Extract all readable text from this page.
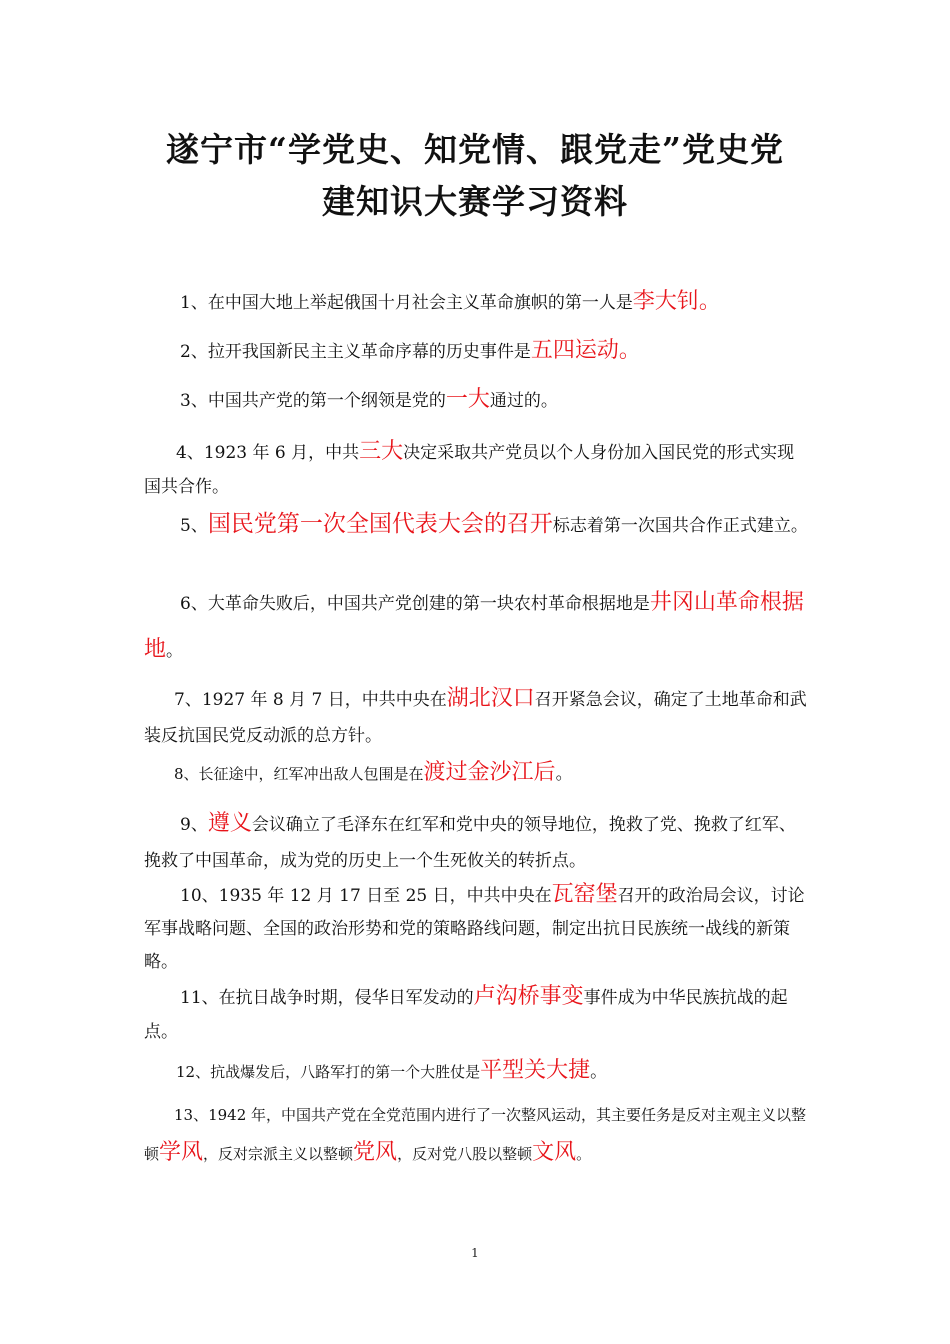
遂宁市“学党史、知党情、跟党走”党史党
建知识大赛学习资料
1、在中国大地上举起俄国十月社会主义革命旗帜的第一人是李大钊。
2、拉开我国新民主主义革命序幕的历史事件是五四运动。
3、中国共产党的第一个纲领是党的一大通过的。
4、1923 年 6 月，中共三大决定采取共产党员以个人身份加入国民党的形式实现国共合作。
5、国民党第一次全国代表大会的召开标志着第一次国共合作正式建立。
6、大革命失败后，中国共产党创建的第一块农村革命根据地是井冈山革命根据地。
7、1927 年 8 月 7 日，中共中央在湖北汉口召开紧急会议，确定了土地革命和武装反抗国民党反动派的总方针。
8、长征途中，红军冲出敌人包围是在渡过金沙江后。
9、遵义会议确立了毛泽东在红军和党中央的领导地位，挽救了党、挽救了红军、挽救了中国革命，成为党的历史上一个生死攸关的转折点。
10、1935 年 12 月 17 日至 25 日，中共中央在瓦窑堡召开的政治局会议，讨论军事战略问题、全国的政治形势和党的策略路线问题，制定出抗日民族统一战线的新策略。
11、在抗日战争时期，侵华日军发动的卢沟桥事变事件成为中华民族抗战的起点。
12、抗战爆发后，八路军打的第一个大胜仗是平型关大捷。
13、1942 年，中国共产党在全党范围内进行了一次整风运动，其主要任务是反对主观主义以整顿学风，反对宗派主义以整顿党风，反对党八股以整顿文风。
1
